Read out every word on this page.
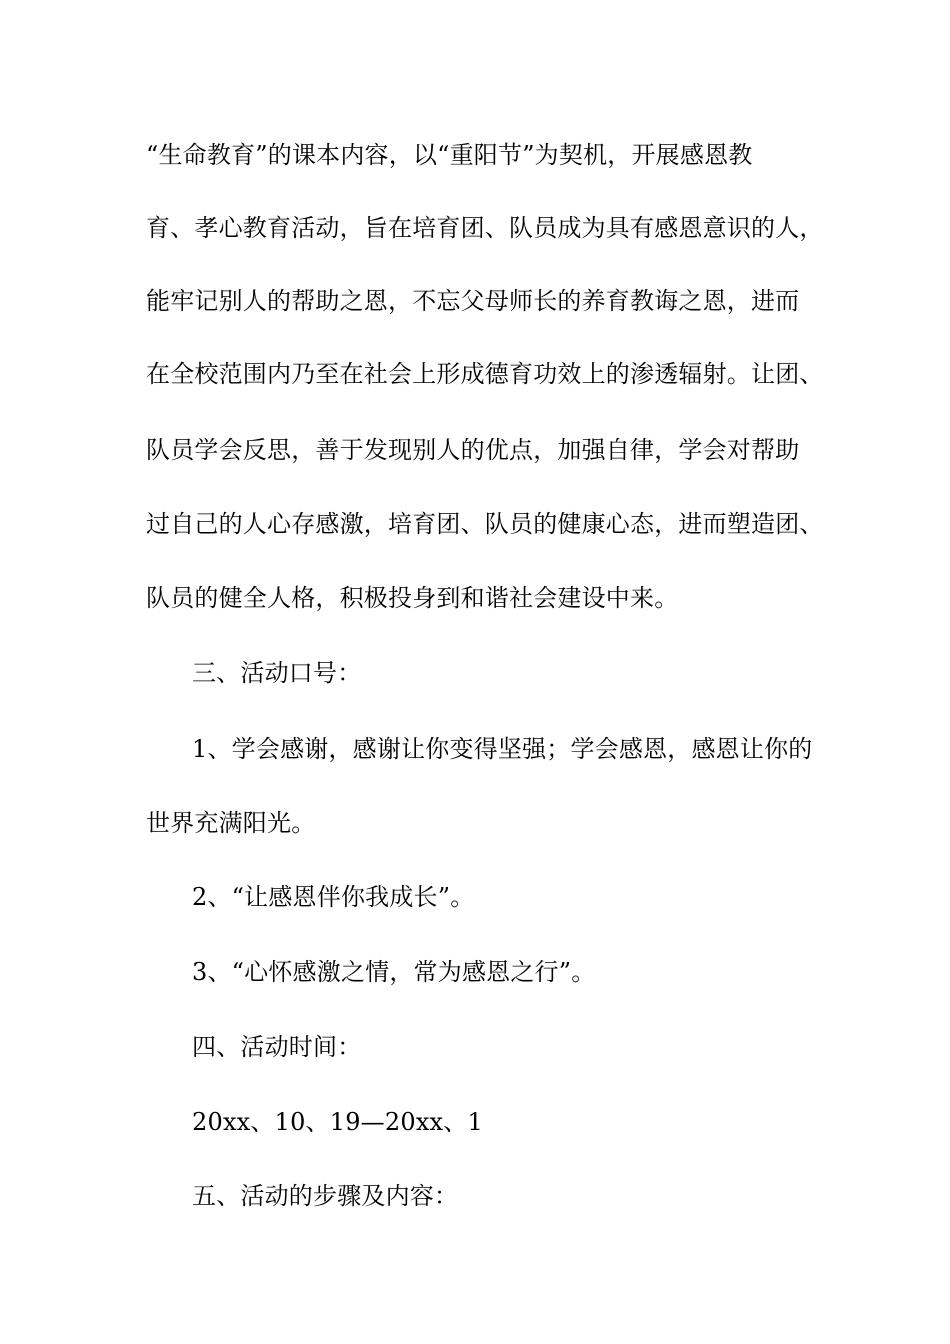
“生命教育”的课本内容，以“重阳节”为契机，开展感恩教
育、孝心教育活动，旨在培育团、队员成为具有感恩意识的人，
能牢记别人的帮助之恩，不忘父母师长的养育教诲之恩，进而
在全校范围内乃至在社会上形成德育功效上的渗透辐射。让团、
队员学会反思，善于发现别人的优点，加强自律，学会对帮助
过自己的人心存感激，培育团、队员的健康心态，进而塑造团、
队员的健全人格，积极投身到和谐社会建设中来。
三、活动口号：
1、学会感谢，感谢让你变得坚强；学会感恩，感恩让你的
世界充满阳光。
2、“让感恩伴你我成长”。
3、“心怀感激之情，常为感恩之行”。
四、活动时间：
20xx、10、19—20xx、1
五、活动的步骤及内容：
